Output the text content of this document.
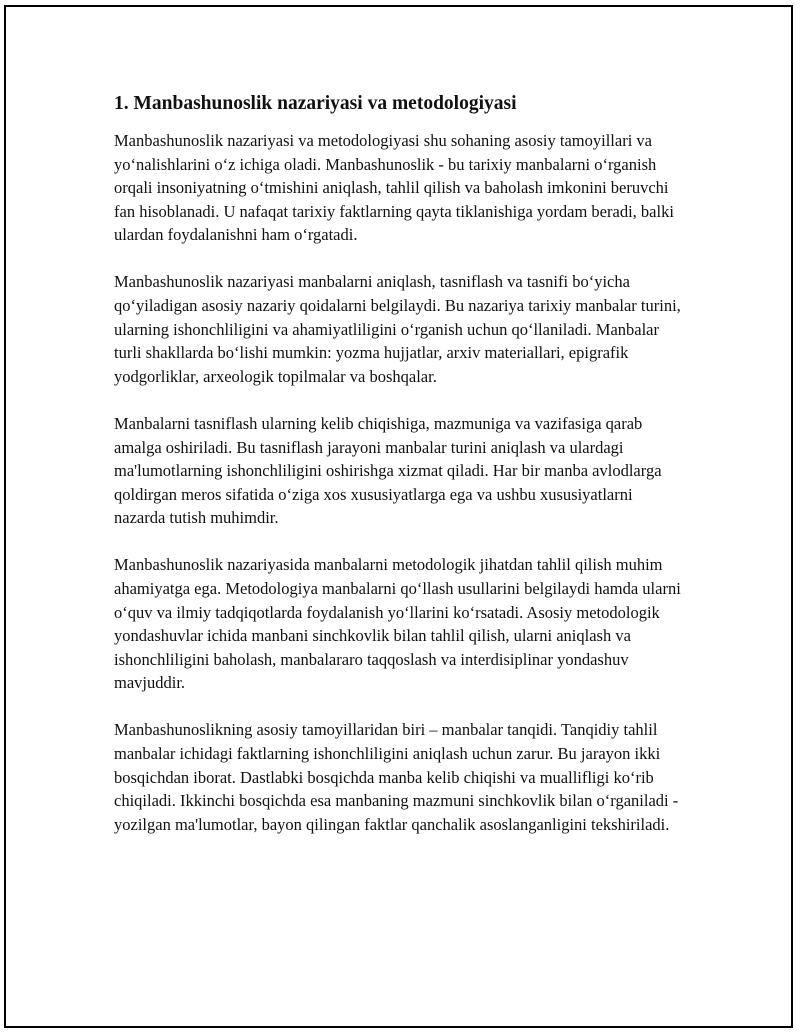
1. Manbashunoslik nazariyasi va metodologiyasi

Manbashunoslik nazariyasi va metodologiyasi shu sohaning asosiy tamoyillari va yo‘nalishlarini o‘z ichiga oladi. Manbashunoslik - bu tarixiy manbalarni o‘rganish orqali insoniyatning o‘tmishini aniqlash, tahlil qilish va baholash imkonini beruvchi fan hisoblanadi. U nafaqat tarixiy faktlarning qayta tiklanishiga yordam beradi, balki ulardan foydalanishni ham o‘rgatadi.

Manbashunoslik nazariyasi manbalarni aniqlash, tasniflash va tasnifi bo‘yicha qo‘yiladigan asosiy nazariy qoidalarni belgilaydi. Bu nazariya tarixiy manbalar turini, ularning ishonchliligini va ahamiyatliligini o‘rganish uchun qo‘llaniladi. Manbalar turli shakllarda bo‘lishi mumkin: yozma hujjatlar, arxiv materiallari, epigrafik yodgorliklar, arxeologik topilmalar va boshqalar.

Manbalarni tasniflash ularning kelib chiqishiga, mazmuniga va vazifasiga qarab amalga oshiriladi. Bu tasniflash jarayoni manbalar turini aniqlash va ulardagi ma'lumotlarning ishonchliligini oshirishga xizmat qiladi. Har bir manba avlodlarga qoldirgan meros sifatida o‘ziga xos xususiyatlarga ega va ushbu xususiyatlarni nazarda tutish muhimdir.

Manbashunoslik nazariyasida manbalarni metodologik jihatdan tahlil qilish muhim ahamiyatga ega. Metodologiya manbalarni qo‘llash usullarini belgilaydi hamda ularni o‘quv va ilmiy tadqiqotlarda foydalanish yo‘llarini ko‘rsatadi. Asosiy metodologik yondashuvlar ichida manbani sinchkovlik bilan tahlil qilish, ularni aniqlash va ishonchliligini baholash, manbalararo taqqoslash va interdisiplinar yondashuv mavjuddir.

Manbashunoslikning asosiy tamoyillaridan biri – manbalar tanqidi. Tanqidiy tahlil manbalar ichidagi faktlarning ishonchliligini aniqlash uchun zarur. Bu jarayon ikki bosqichdan iborat. Dastlabki bosqichda manba kelib chiqishi va muallifligi ko‘rib chiqiladi. Ikkinchi bosqichda esa manbaning mazmuni sinchkovlik bilan o‘rganiladi - yozilgan ma'lumotlar, bayon qilingan faktlar qanchalik asoslanganligini tekshiriladi.
